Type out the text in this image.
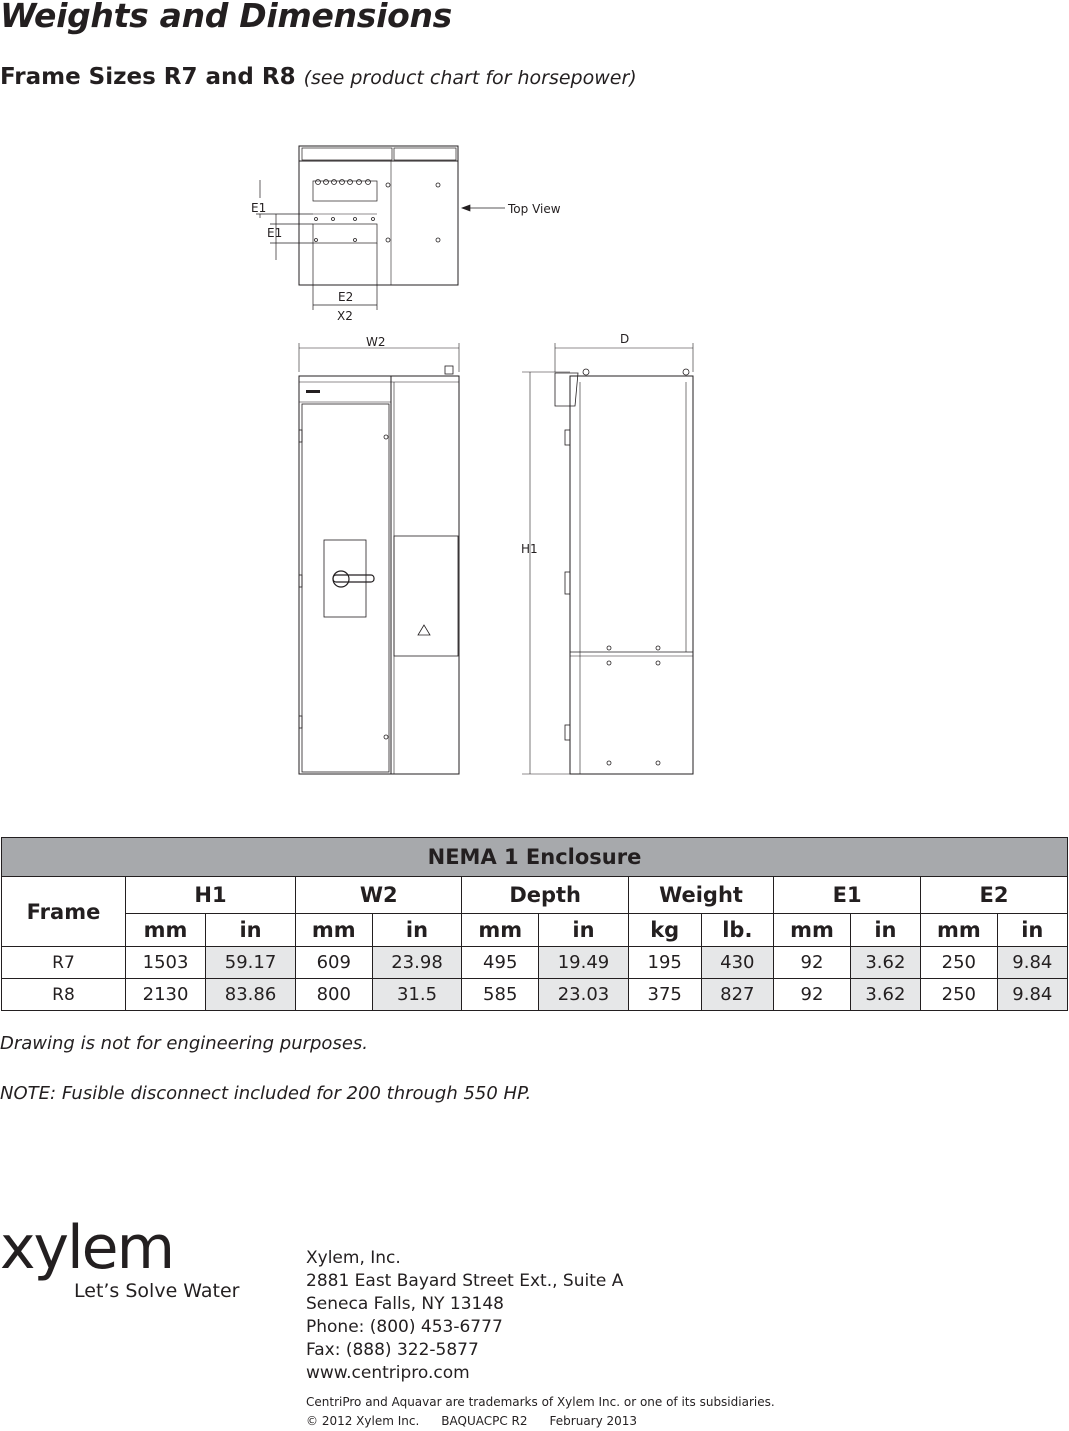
Weights and Dimensions
Frame Sizes R7 and R8 (see product chart for horsepower)
E1
E1
E2
X2
Top View
W2	D
H1
NEMA 1 Enclosure												
Frame	H1		W2		Depth		Weight		E1		E2	
	mm	in	mm	in	mm	in	kg	lb.	mm	in	mm	in
R7	1503	59.17	609	23.98	495	19.49	195	430	92	3.62	250	9.84
R8	2130	83.86	800	31.5	585	23.03	375	827	92	3.62	250	9.84

Drawing is not for engineering purposes.

NOTE: Fusible disconnect included for 200 through 550 HP.

xylem

Let’s Solve Water

Xylem, Inc.
2881 East Bayard Street Ext., Suite A
Seneca Falls, NY 13148
Phone: (800) 453-6777
Fax: (888) 322-5877
www.centripro.com
CentriPro and Aquavar are trademarks of Xylem Inc. or one of its subsidiaries.
© 2012 Xylem Inc. BAQUACPC R2 February 2013
